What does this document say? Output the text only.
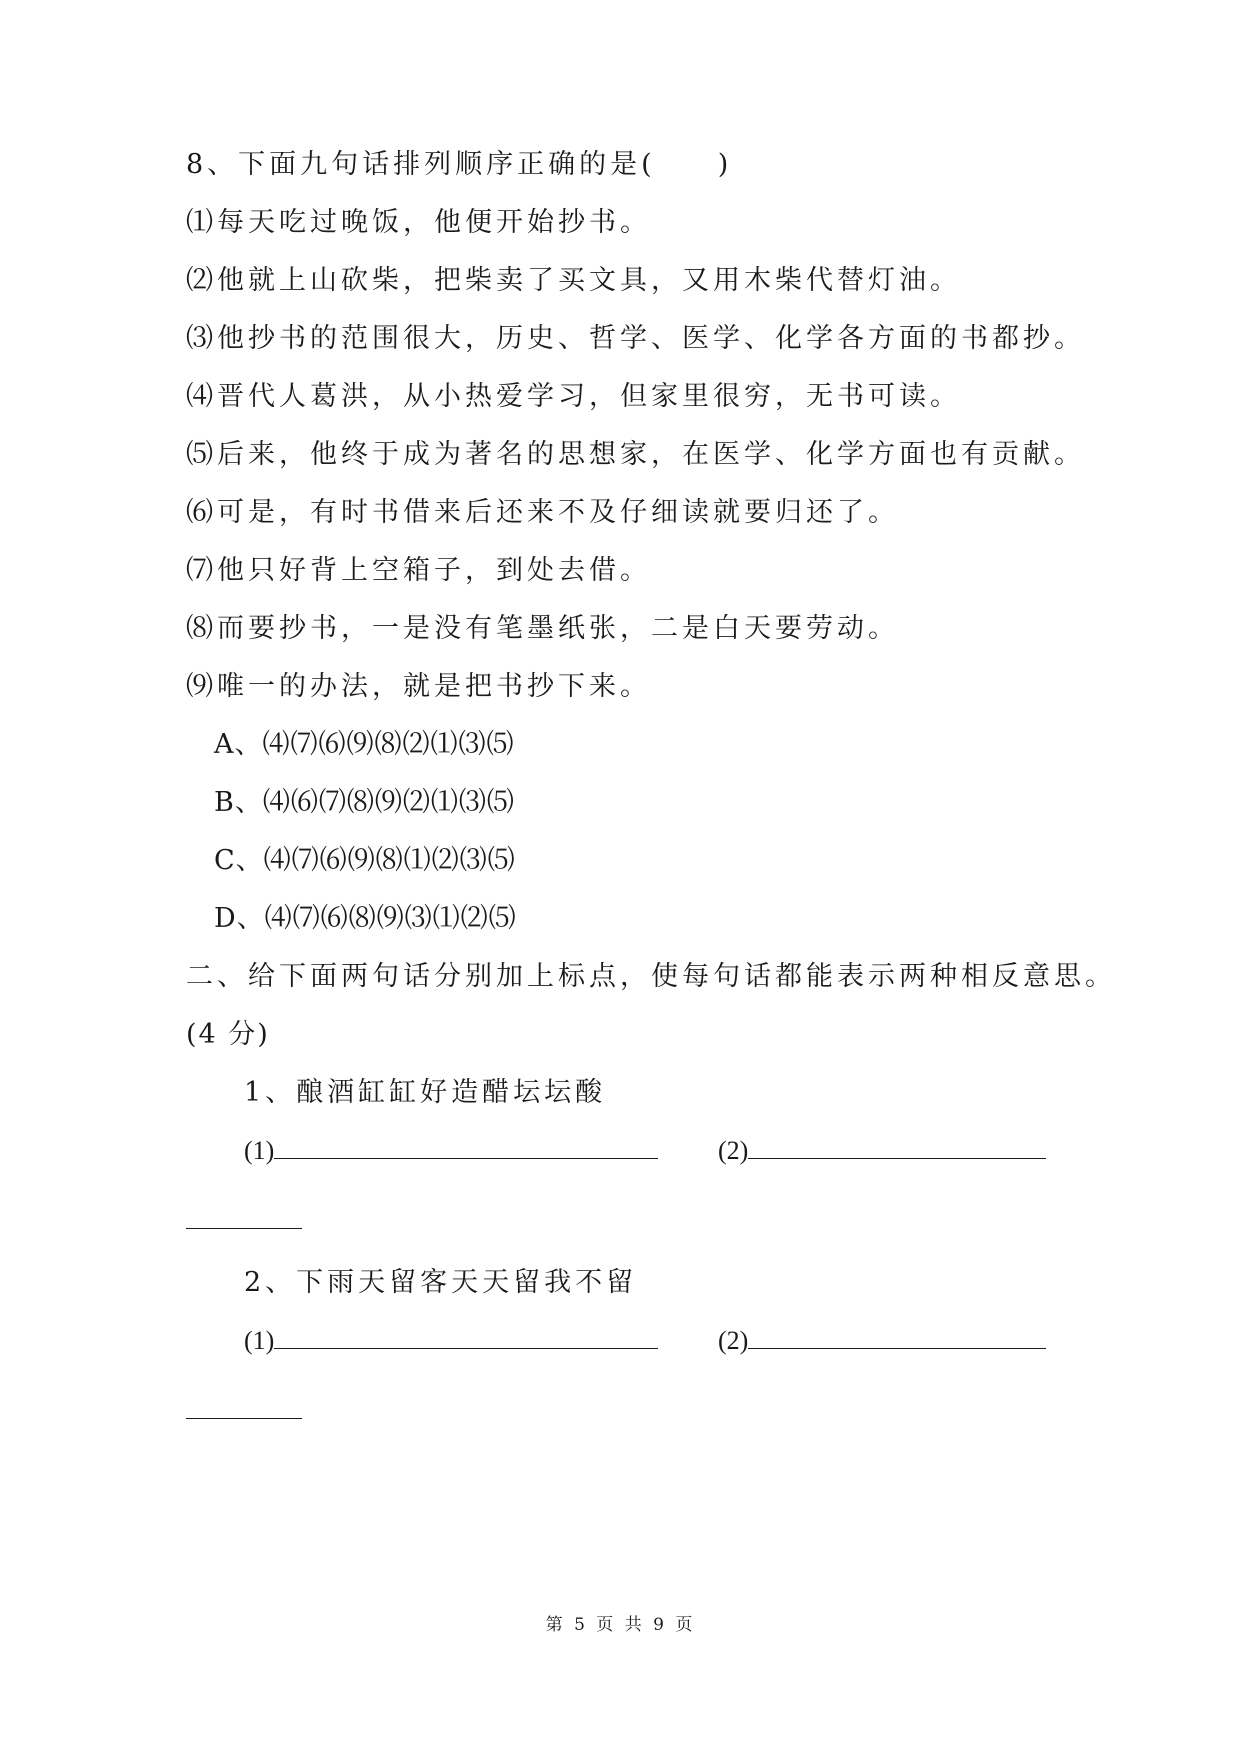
8、下面九句话排列顺序正确的是(　　)
⑴每天吃过晚饭，他便开始抄书。
⑵他就上山砍柴，把柴卖了买文具，又用木柴代替灯油。
⑶他抄书的范围很大，历史、哲学、医学、化学各方面的书都抄。
⑷晋代人葛洪，从小热爱学习，但家里很穷，无书可读。
⑸后来，他终于成为著名的思想家，在医学、化学方面也有贡献。
⑹可是，有时书借来后还来不及仔细读就要归还了。
⑺他只好背上空箱子，到处去借。
⑻而要抄书，一是没有笔墨纸张，二是白天要劳动。
⑼唯一的办法，就是把书抄下来。
A、⑷⑺⑹⑼⑻⑵⑴⑶⑸
B、⑷⑹⑺⑻⑼⑵⑴⑶⑸
C、⑷⑺⑹⑼⑻⑴⑵⑶⑸
D、⑷⑺⑹⑻⑼⑶⑴⑵⑸
二、给下面两句话分别加上标点，使每句话都能表示两种相反意思。
(4 分)
1、酿酒缸缸好造醋坛坛酸
(1)	(2)
2、下雨天留客天天留我不留
(1)	(2)
第 5 页 共 9 页
